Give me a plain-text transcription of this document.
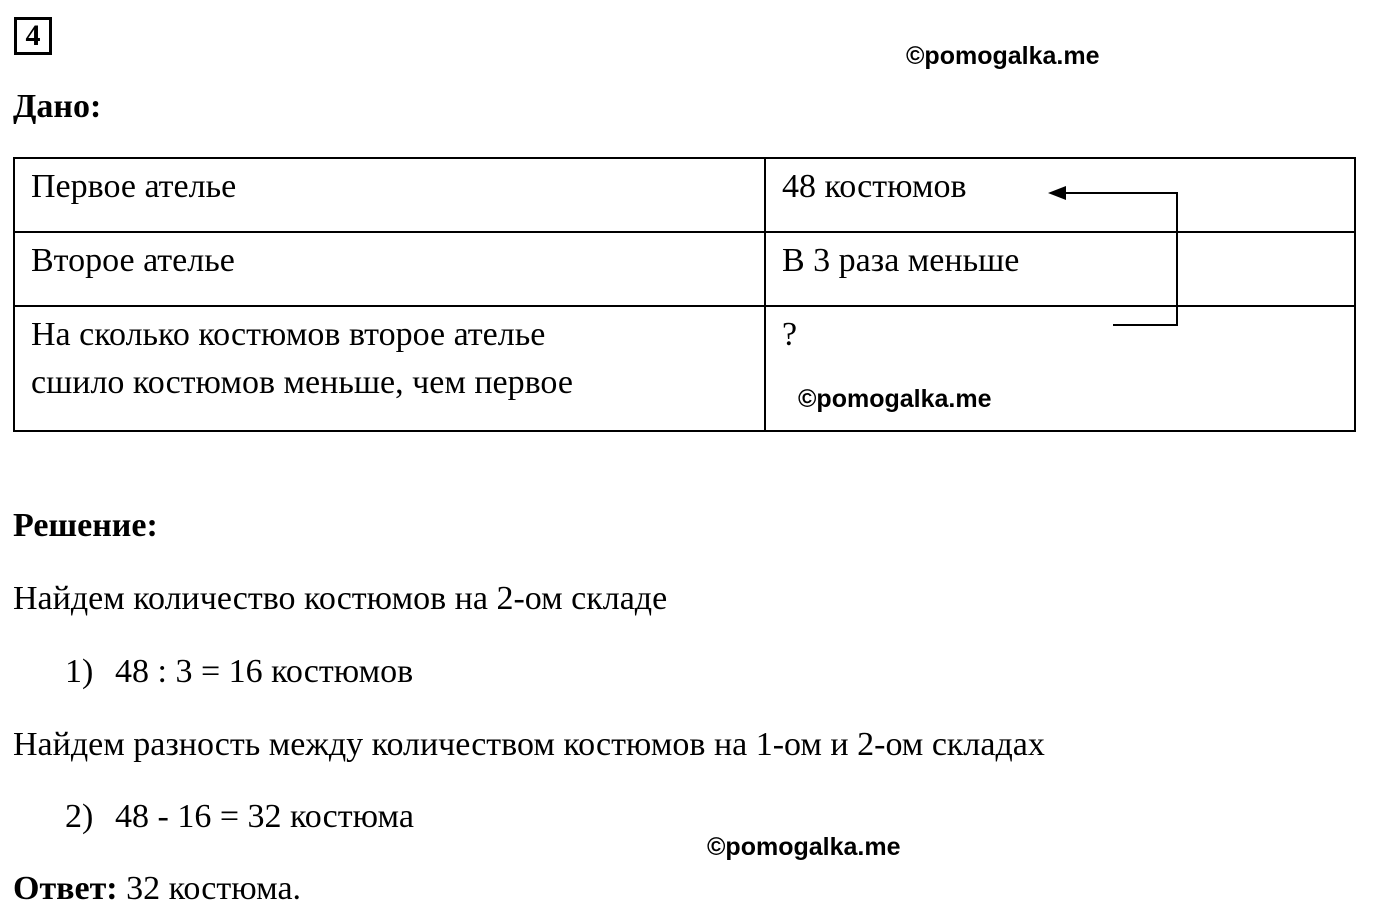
4
©pomogalka.me
Дано:
Первое ателье	48 костюмов
Второе ателье	В 3 раза меньше

На сколько костюмов второе ателье
сшило костюмов меньше, чем первое	?
©pomogalka.me
Решение:
Найдем количество костюмов на 2-ом складе
1) 48 : 3 = 16 костюмов
Найдем разность между количеством костюмов на 1-ом и 2-ом складах
2) 48 - 16 = 32 костюма
©pomogalka.me
Ответ: 32 костюма.
